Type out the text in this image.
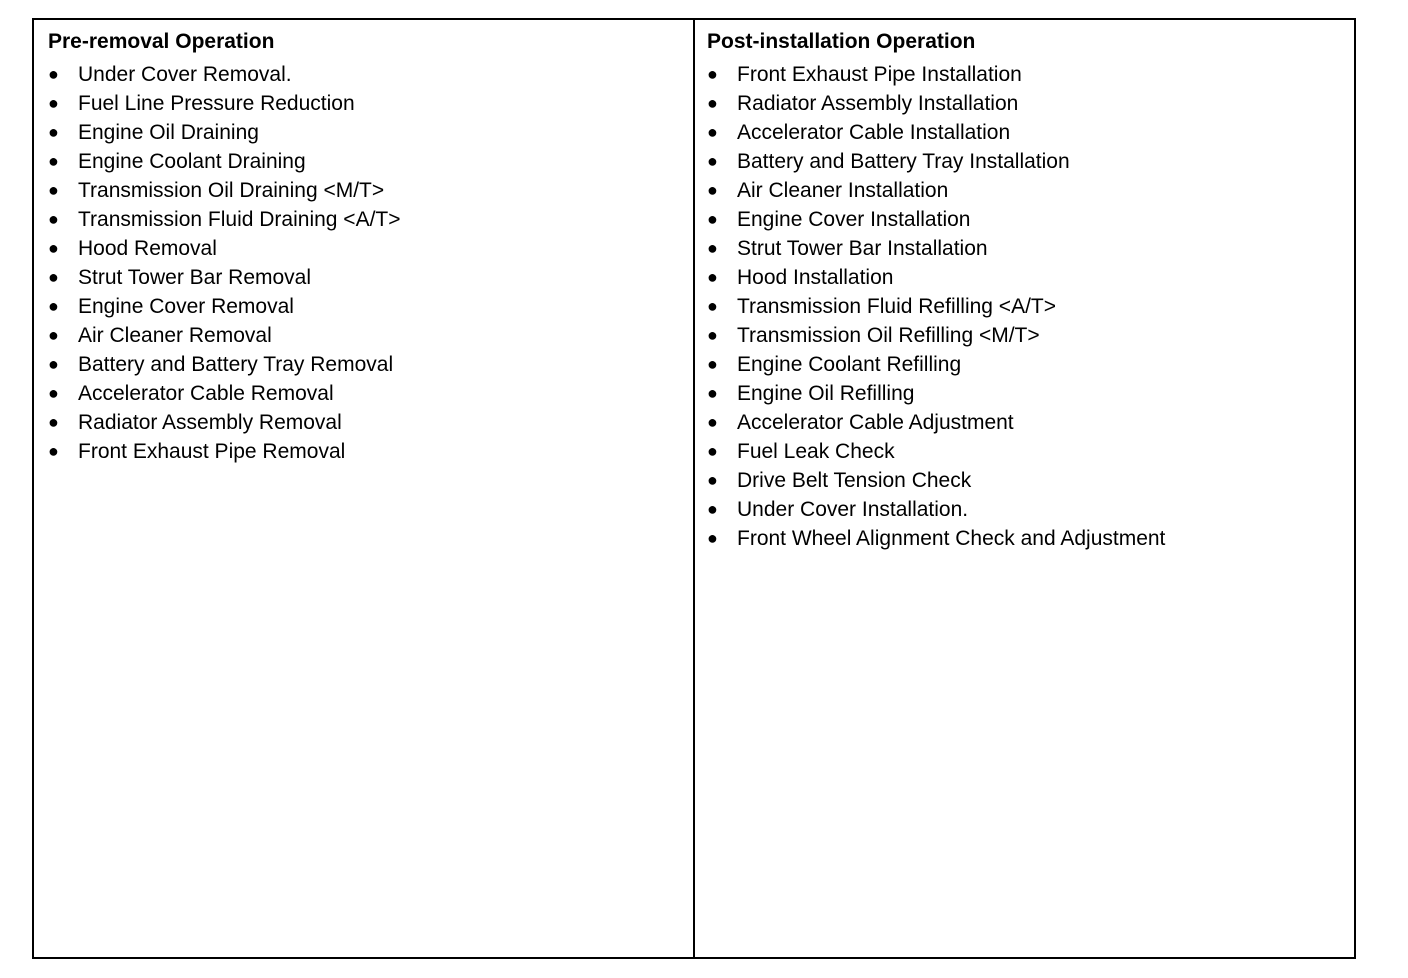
Pre-removal Operation
● Under Cover Removal.
● Fuel Line Pressure Reduction
● Engine Oil Draining
● Engine Coolant Draining
● Transmission Oil Draining <M/T>
● Transmission Fluid Draining <A/T>
● Hood Removal
● Strut Tower Bar Removal
● Engine Cover Removal
● Air Cleaner Removal
● Battery and Battery Tray Removal
● Accelerator Cable Removal
● Radiator Assembly Removal
● Front Exhaust Pipe Removal
Post-installation Operation
● Front Exhaust Pipe Installation
● Radiator Assembly Installation
● Accelerator Cable Installation
● Battery and Battery Tray Installation
● Air Cleaner Installation
● Engine Cover Installation
● Strut Tower Bar Installation
● Hood Installation
● Transmission Fluid Refilling <A/T>
● Transmission Oil Refilling <M/T>
● Engine Coolant Refilling
● Engine Oil Refilling
● Accelerator Cable Adjustment
● Fuel Leak Check
● Drive Belt Tension Check
● Under Cover Installation.
● Front Wheel Alignment Check and Adjustment
